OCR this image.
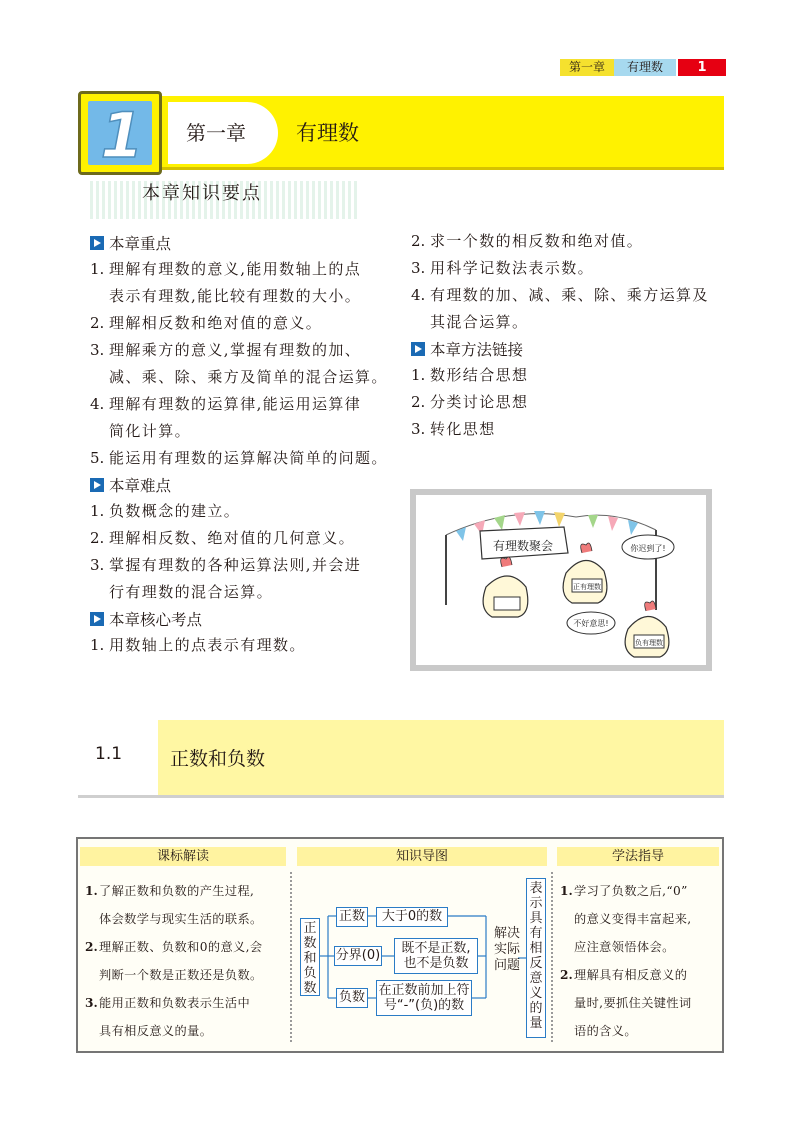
第一章	有理数	1
1	第一章	有理数
本章知识要点
本章重点
1. 理解有理数的意义,能用数轴上的点
表示有理数,能比较有理数的大小。
2. 理解相反数和绝对值的意义。
3. 理解乘方的意义,掌握有理数的加、
减、乘、除、乘方及简单的混合运算。
4. 理解有理数的运算律,能运用运算律
简化计算。
5. 能运用有理数的运算解决简单的问题。
本章难点
1. 负数概念的建立。
2. 理解相反数、绝对值的几何意义。
3. 掌握有理数的各种运算法则,并会进
行有理数的混合运算。
本章核心考点
1. 用数轴上的点表示有理数。
2. 求一个数的相反数和绝对值。
3. 用科学记数法表示数。
4. 有理数的加、减、乘、除、乘方运算及
其混合运算。
本章方法链接
1. 数形结合思想
2. 分类讨论思想
3. 转化思想
有理数聚会	你迟到了!
正有理数
不好意思!
负有理数
1.1	正数和负数
课标解读	知识导图	学法指导
1. 了解正数和负数的产生过程,
体会数学与现实生活的联系。
2. 理解正数、负数和0的意义,会
判断一个数是正数还是负数。
3. 能用正数和负数表示生活中
具有相反意义的量。
正数和负数
正数	大于0的数
分界(0)	既不是正数,
也不是负数
负数 在正数前加上符
号“-”(负)的数
解决实际问题
表示具有相反意义的量
1. 学习了负数之后,“0”
的意义变得丰富起来,
应注意领悟体会。
2. 理解具有相反意义的
量时,要抓住关键性词
语的含义。
